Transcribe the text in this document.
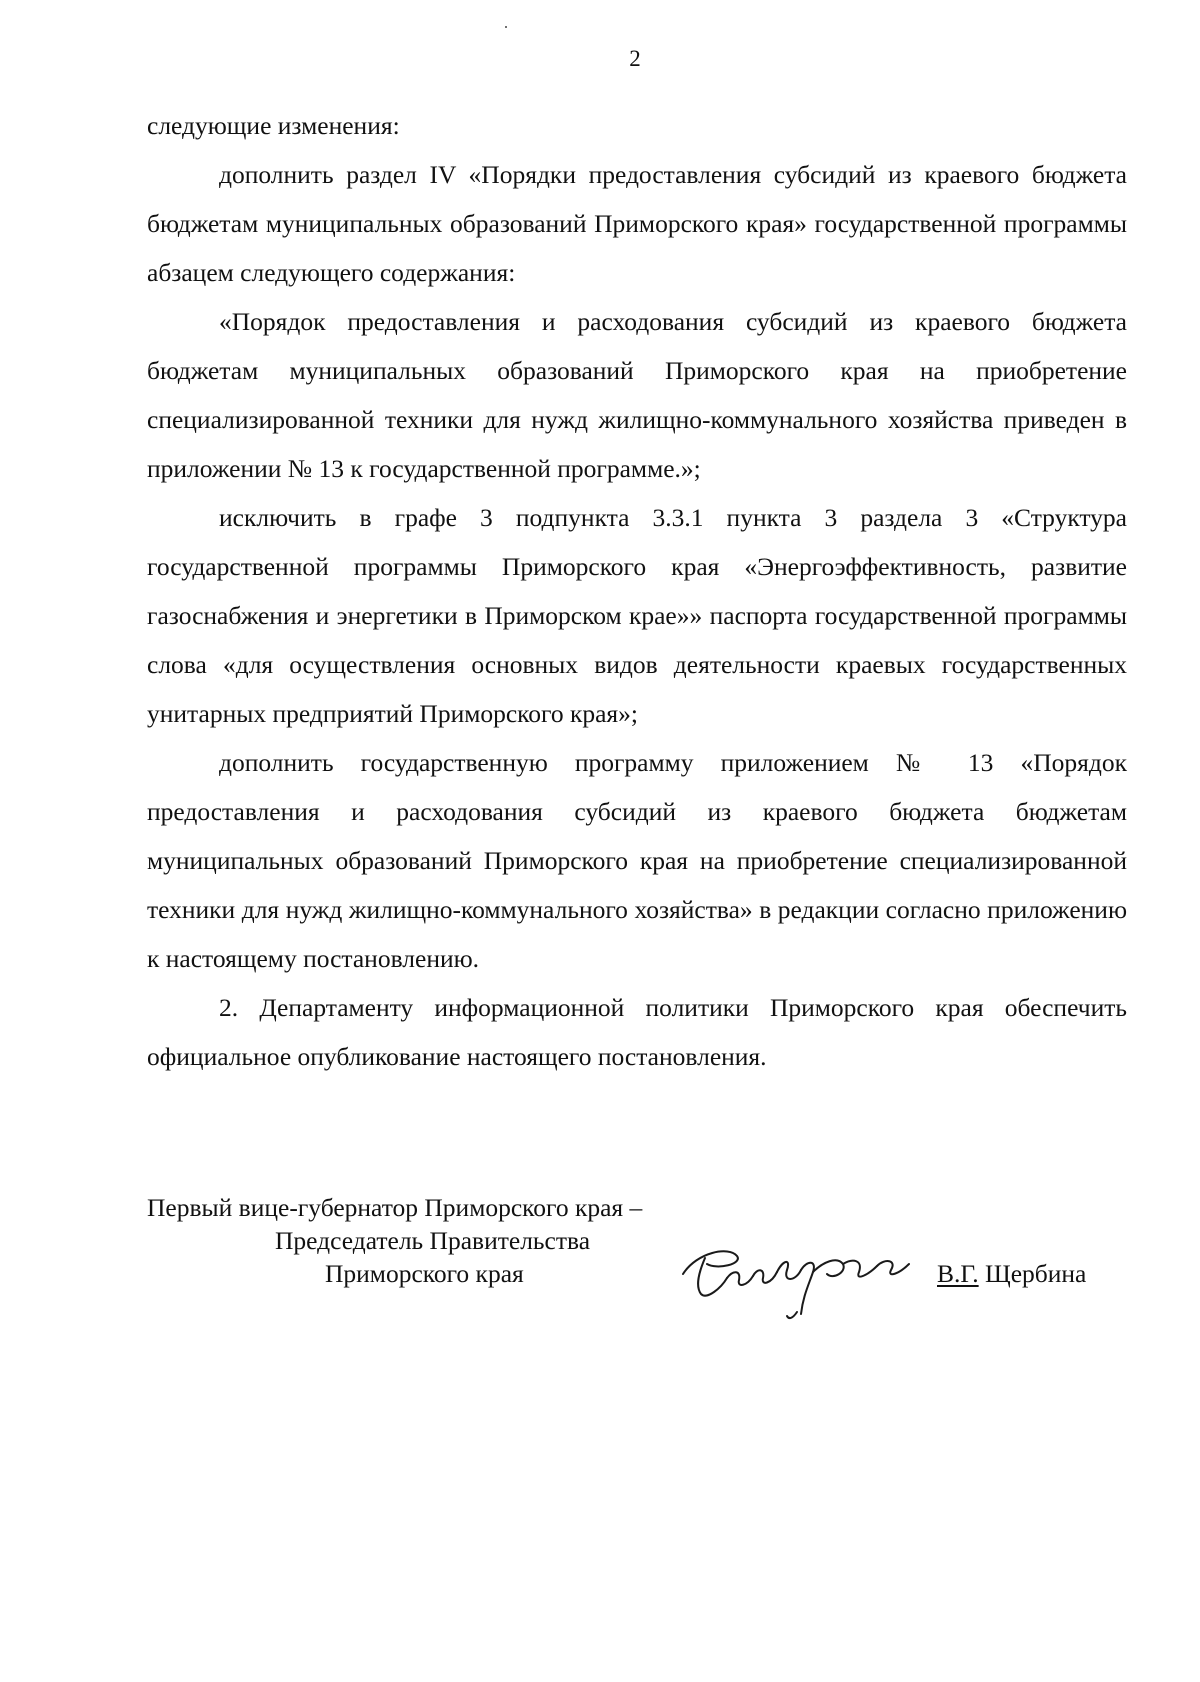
2

следующие изменения:

дополнить раздел IV «Порядки предоставления субсидий из краевого бюджета бюджетам муниципальных образований Приморского края» государственной программы абзацем следующего содержания:

«Порядок предоставления и расходования субсидий из краевого бюджета бюджетам муниципальных образований Приморского края на приобретение специализированной техники для нужд жилищно-коммунального хозяйства приведен в приложении № 13 к государственной программе.»;

исключить в графе 3 подпункта 3.3.1 пункта 3 раздела 3 «Структура государственной программы Приморского края «Энергоэффективность, развитие газоснабжения и энергетики в Приморском крае»» паспорта государственной программы слова «для осуществления основных видов деятельности краевых государственных унитарных предприятий Приморского края»;

дополнить государственную программу приложением № 13 «Порядок предоставления и расходования субсидий из краевого бюджета бюджетам муниципальных образований Приморского края на приобретение специализированной техники для нужд жилищно-коммунального хозяйства» в редакции согласно приложению к настоящему постановлению.

2. Департаменту информационной политики Приморского края обеспечить официальное опубликование настоящего постановления.

Первый вице-губернатор Приморского края –
Председатель Правительства
Приморского края	В.Г. Щербина
